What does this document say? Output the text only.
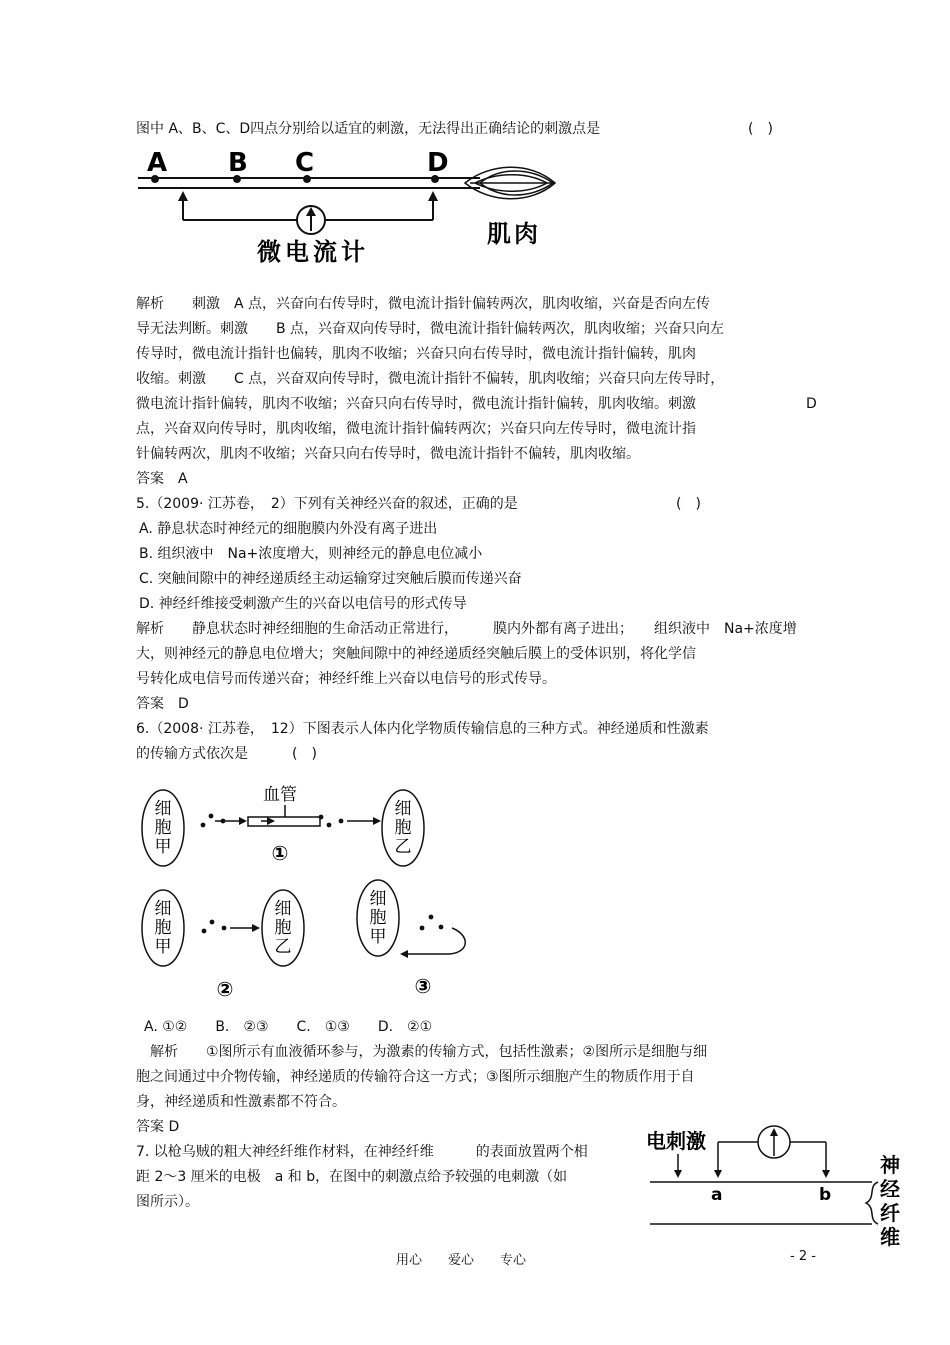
图中 A、B、C、D四点分别给以适宜的刺激，无法得出正确结论的刺激点是	(　)
A B C	D
微电流计
肌肉
解析　　刺激　A 点，兴奋向右传导时，微电流计指针偏转两次，肌肉收缩，兴奋是否向左传
导无法判断。刺激　　B 点，兴奋双向传导时，微电流计指针偏转两次，肌肉收缩；兴奋只向左
传导时，微电流计指针也偏转，肌肉不收缩；兴奋只向右传导时，微电流计指针偏转，肌肉
收缩。刺激　　C 点，兴奋双向传导时，微电流计指针不偏转，肌肉收缩；兴奋只向左传导时，
微电流计指针偏转，肌肉不收缩；兴奋只向右传导时，微电流计指针偏转，肌肉收缩。刺激	D
点，兴奋双向传导时，肌肉收缩，微电流计指针偏转两次；兴奋只向左传导时，微电流计指
针偏转两次，肌肉不收缩；兴奋只向右传导时，微电流计指针不偏转，肌肉收缩。
答案　A
5.（2009· 江苏卷，　2）下列有关神经兴奋的叙述，正确的是	(　)
A. 静息状态时神经元的细胞膜内外没有离子进出
B. 组织液中　Na+浓度增大，则神经元的静息电位减小
C. 突触间隙中的神经递质经主动运输穿过突触后膜而传递兴奋
D. 神经纤维接受刺激产生的兴奋以电信号的形式传导
解析　　静息状态时神经细胞的生命活动正常进行，　　　膜内外都有离子进出；　　组织液中　Na+浓度增
大，则神经元的静息电位增大；突触间隙中的神经递质经突触后膜上的受体识别，将化学信
号转化成电信号而传递兴奋；神经纤维上兴奋以电信号的形式传导。
答案　D
6.（2008· 江苏卷，　12）下图表示人体内化学物质传输信息的三种方式。神经递质和性激素
的传输方式依次是	(　)
细
胞
甲
细
胞
乙
细
胞
甲
细
胞
乙
细
胞
甲
血管
①
②	③
A. ①②　　B.　②③　　C.　①③　　D.　②①
　解析　　①图所示有血液循环参与，为激素的传输方式，包括性激素；②图所示是细胞与细
胞之间通过中介物传输，神经递质的传输符合这一方式；③图所示细胞产生的物质作用于自
身，神经递质和性激素都不符合。
答案 D
7. 以枪乌贼的粗大神经纤维作材料，在神经纤维　　　的表面放置两个相
距 2～3 厘米的电极　a 和 b，在图中的刺激点给予较强的电刺激（如
图所示）。
电刺激
a	b
神
经
纤
维
用心　　爱心　　专心	- 2 -
